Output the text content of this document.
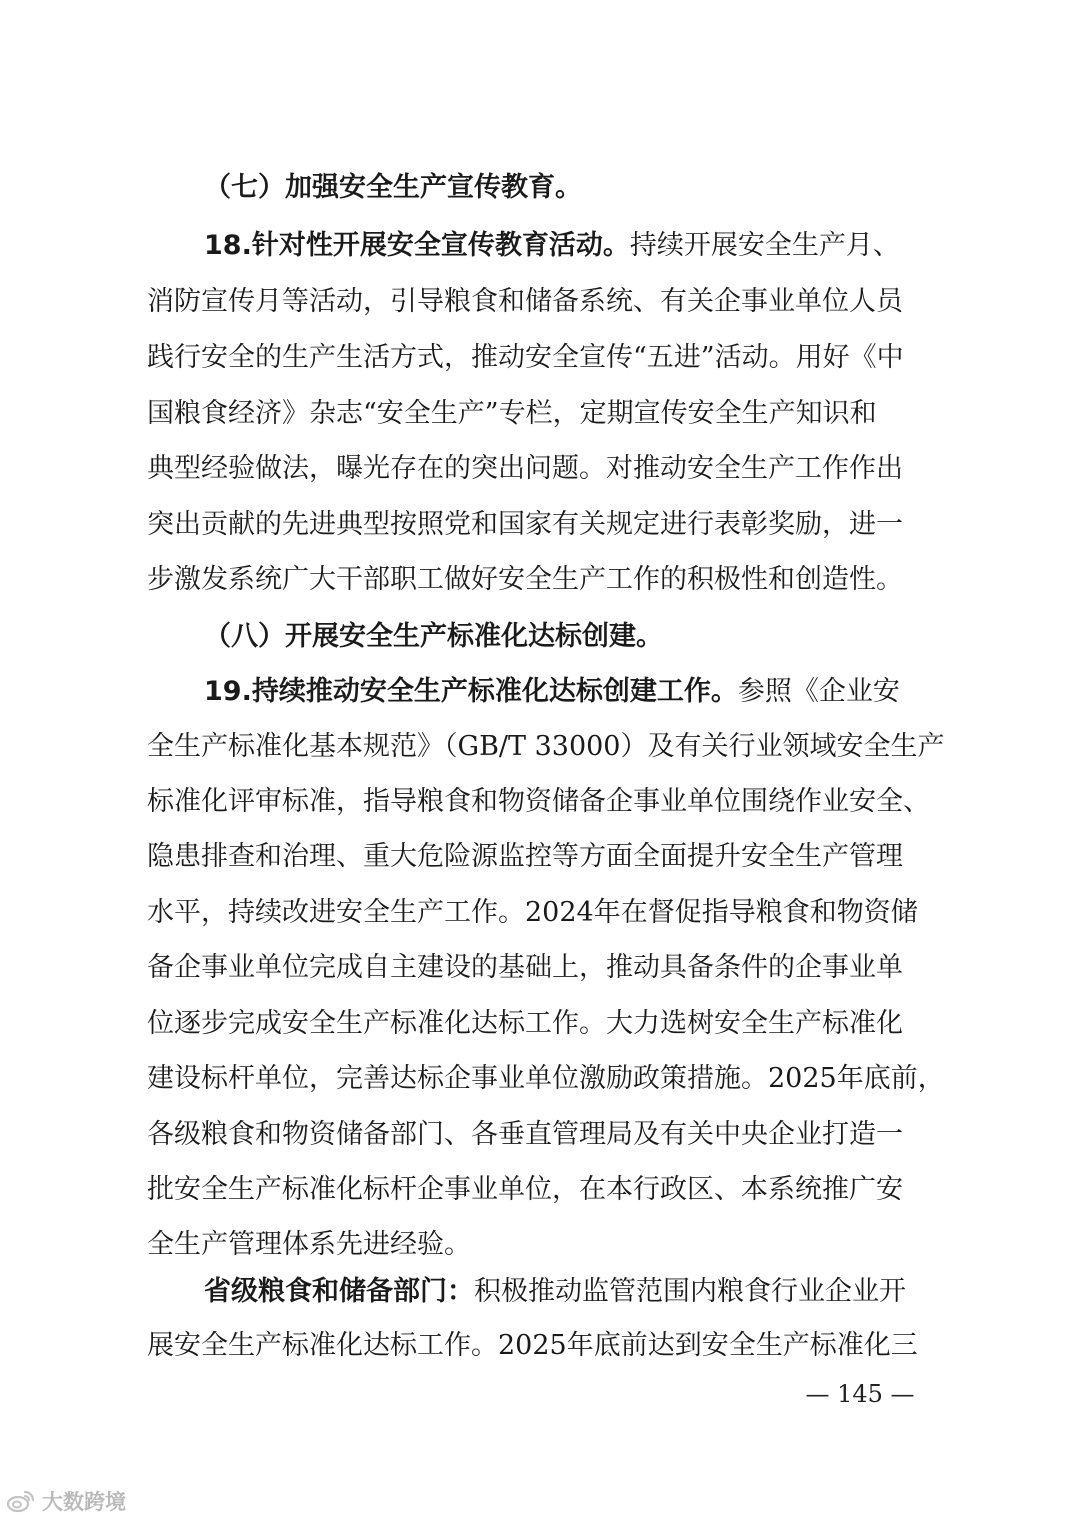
（七）加强安全生产宣传教育。
18.针对性开展安全宣传教育活动。持续开展安全生产月、
消防宣传月等活动，引导粮食和储备系统、有关企事业单位人员
践行安全的生产生活方式，推动安全宣传“五进”活动。用好《中
国粮食经济》杂志“安全生产”专栏，定期宣传安全生产知识和
典型经验做法，曝光存在的突出问题。对推动安全生产工作作出
突出贡献的先进典型按照党和国家有关规定进行表彰奖励，进一
步激发系统广大干部职工做好安全生产工作的积极性和创造性。
（八）开展安全生产标准化达标创建。
19.持续推动安全生产标准化达标创建工作。参照《企业安
全生产标准化基本规范》（GB/T 33000）及有关行业领域安全生产
标准化评审标准，指导粮食和物资储备企事业单位围绕作业安全、
隐患排查和治理、重大危险源监控等方面全面提升安全生产管理
水平，持续改进安全生产工作。2024年在督促指导粮食和物资储
备企事业单位完成自主建设的基础上，推动具备条件的企事业单
位逐步完成安全生产标准化达标工作。大力选树安全生产标准化
建设标杆单位，完善达标企事业单位激励政策措施。2025年底前，
各级粮食和物资储备部门、各垂直管理局及有关中央企业打造一
批安全生产标准化标杆企事业单位，在本行政区、本系统推广安
全生产管理体系先进经验。
省级粮食和储备部门：积极推动监管范围内粮食行业企业开
展安全生产标准化达标工作。2025年底前达到安全生产标准化三
— 145 —
大数跨境
